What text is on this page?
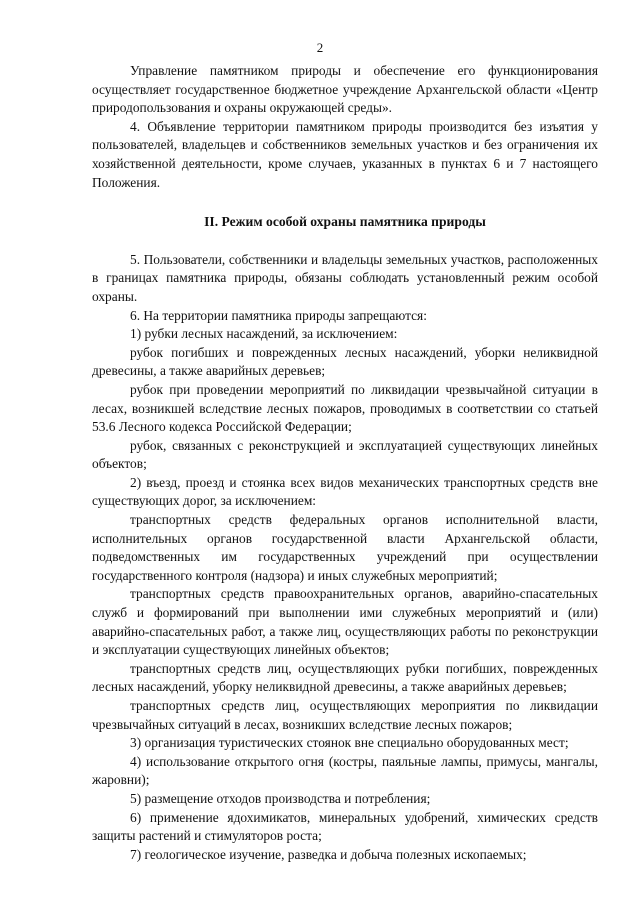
2

Управление памятником природы и обеспечение его функционирования осуществляет государственное бюджетное учреждение Архангельской области «Центр природопользования и охраны окружающей среды».

4. Объявление территории памятником природы производится без изъятия у пользователей, владельцев и собственников земельных участков и без ограничения их хозяйственной деятельности, кроме случаев, указанных в пунктах 6 и 7 настоящего Положения.

II. Режим особой охраны памятника природы

5. Пользователи, собственники и владельцы земельных участков, расположенных в границах памятника природы, обязаны соблюдать установленный режим особой охраны.

6. На территории памятника природы запрещаются:

1) рубки лесных насаждений, за исключением:

рубок погибших и поврежденных лесных насаждений, уборки неликвидной древесины, а также аварийных деревьев;

рубок при проведении мероприятий по ликвидации чрезвычайной ситуации в лесах, возникшей вследствие лесных пожаров, проводимых в соответствии со статьей 53.6 Лесного кодекса Российской Федерации;

рубок, связанных с реконструкцией и эксплуатацией существующих линейных объектов;

2) въезд, проезд и стоянка всех видов механических транспортных средств вне существующих дорог, за исключением:

транспортных средств федеральных органов исполнительной власти, исполнительных органов государственной власти Архангельской области, подведомственных им государственных учреждений при осуществлении государственного контроля (надзора) и иных служебных мероприятий;

транспортных средств правоохранительных органов, аварийно-спасательных служб и формирований при выполнении ими служебных мероприятий и (или) аварийно-спасательных работ, а также лиц, осуществляющих работы по реконструкции и эксплуатации существующих линейных объектов;

транспортных средств лиц, осуществляющих рубки погибших, поврежденных лесных насаждений, уборку неликвидной древесины, а также аварийных деревьев;

транспортных средств лиц, осуществляющих мероприятия по ликвидации чрезвычайных ситуаций в лесах, возникших вследствие лесных пожаров;

3) организация туристических стоянок вне специально оборудованных мест;

4) использование открытого огня (костры, паяльные лампы, примусы, мангалы, жаровни);

5) размещение отходов производства и потребления;

6) применение ядохимикатов, минеральных удобрений, химических средств защиты растений и стимуляторов роста;

7) геологическое изучение, разведка и добыча полезных ископаемых;
